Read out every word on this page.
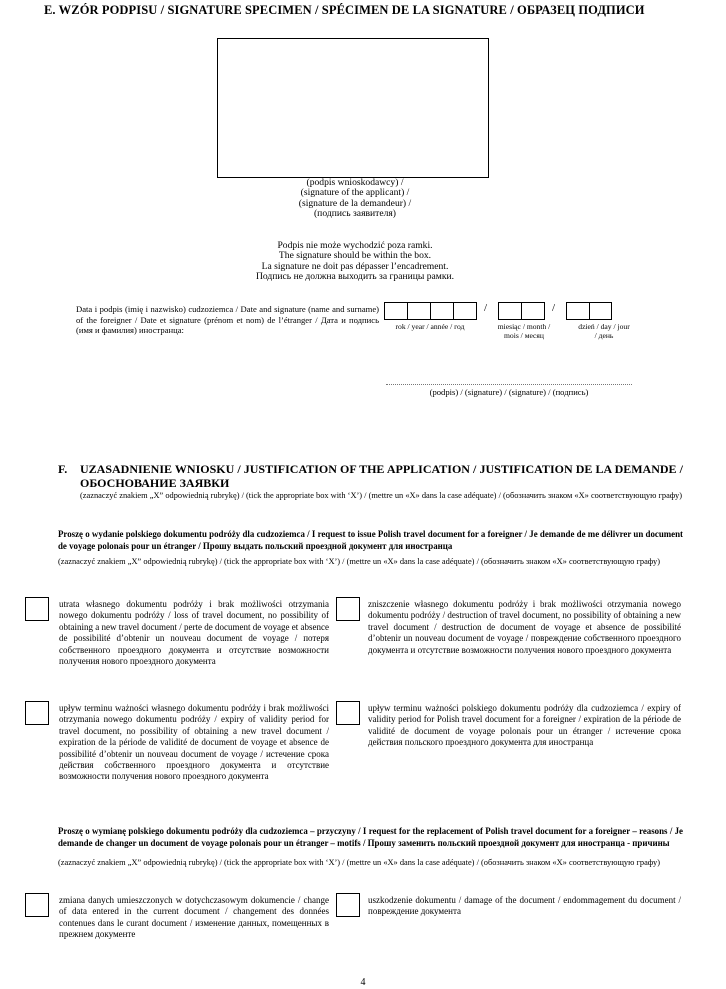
E. WZÓR PODPISU / SIGNATURE SPECIMEN / SPÉCIMEN DE LA SIGNATURE / ОБРАЗЕЦ ПОДПИСИ
(podpis wnioskodawcy) /
(signature of the applicant) /
(signature de la demandeur) /
(подпись заявителя)
Podpis nie może wychodzić poza ramki.
The signature should be within the box.
La signature ne doit pas dépasser l’encadrement.
Подпись не должна выходить за границы рамки.
Data i podpis (imię i nazwisko) cudzoziemca / Date and signature (name and surname) of the foreigner / Date et signature (prénom et nom) de l’étranger / Дата и подпись (имя и фамилия) иностранца:
/	/
rok / year / année / год	miesiąc / month / mois / месяц
dzień / day / jour / день
(podpis) / (signature) / (signature) / (подпись)
F. UZASADNIENIE WNIOSKU / JUSTIFICATION OF THE APPLICATION / JUSTIFICATION DE LA DEMANDE / ОБОСНОВАНИЕ ЗАЯВКИ
(zaznaczyć znakiem „X” odpowiednią rubrykę) / (tick the appropriate box with ‘X’) / (mettre un «X» dans la case adéquate) / (обозначить знаком «X» соответствующую графу)
Proszę o wydanie polskiego dokumentu podróży dla cudzoziemca / I request to issue Polish travel document for a foreigner / Je demande de me délivrer un document de voyage polonais pour un étranger / Прошу выдать польский проездной документ для иностранца
(zaznaczyć znakiem „X” odpowiednią rubrykę) / (tick the appropriate box with ‘X’) / (mettre un «X» dans la case adéquate) / (обозначить знаком «X» соответствующую графу)
utrata własnego dokumentu podróży i brak możliwości otrzymania nowego dokumentu podróży / loss of travel document, no possibility of obtaining a new travel document / perte de document de voyage et absence de possibilité d’obtenir un nouveau document de voyage / потеря собственного проездного документа и отсутствие возможности получения нового проездного документа
zniszczenie własnego dokumentu podróży i brak możliwości otrzymania nowego dokumentu podróży / destruction of travel document, no possibility of obtaining a new travel document / destruction de document de voyage et absence de possibilité d’obtenir un nouveau document de voyage / повреждение собственного проездного документа и отсутствие возможности получения нового проездного документа
upływ terminu ważności własnego dokumentu podróży i brak możliwości otrzymania nowego dokumentu podróży / expiry of validity period for travel document, no possibility of obtaining a new travel document / expiration de la période de validité de document de voyage et absence de possibilité d’obtenir un nouveau document de voyage / истечение срока действия собственного проездного документа и отсутствие возможности получения нового проездного документа
upływ terminu ważności polskiego dokumentu podróży dla cudzoziemca / expiry of validity period for Polish travel document for a foreigner / expiration de la période de validité de document de voyage polonais pour un étranger / истечение срока действия польского проездного документа для иностранца
Proszę o wymianę polskiego dokumentu podróży dla cudzoziemca – przyczyny / I request for the replacement of Polish travel document for a foreigner – reasons / Je demande de changer un document de voyage polonais pour un étranger – motifs / Прошу заменить польский проездной документ для иностранца - причины
(zaznaczyć znakiem „X” odpowiednią rubrykę) / (tick the appropriate box with ‘X’) / (mettre un «X» dans la case adéquate) / (обозначить знаком «X» соответствующую графу)
zmiana danych umieszczonych w dotychczasowym dokumencie / change of data entered in the current document / changement des données contenues dans le curant document / изменение данных, помещенных в прежнем документе
uszkodzenie dokumentu / damage of the document / endommagement du document / повреждение документа
4
